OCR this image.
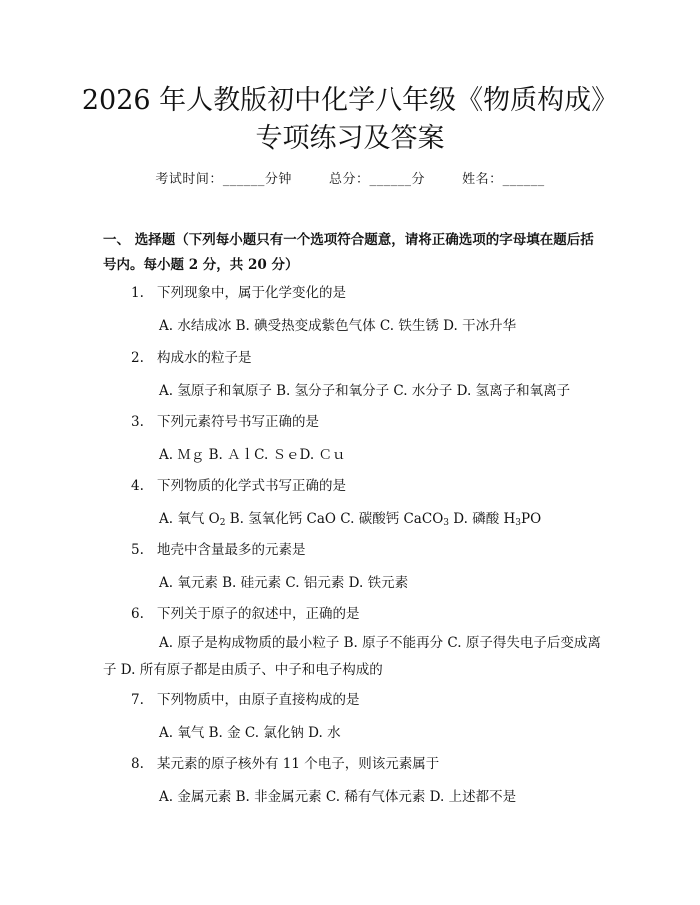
2026 年人教版初中化学八年级《物质构成》
专项练习及答案
考试时间：______分钟	总分：______分	姓名：______
一、 选择题（下列每小题只有一个选项符合题意，请将正确选项的字母填在题后括号内。每小题 2 分，共 20 分）
1. 下列现象中，属于化学变化的是
A. 水结成冰 B. 碘受热变成紫色气体 C. 铁生锈 D. 干冰升华
2. 构成水的粒子是
A. 氢原子和氧原子 B. 氢分子和氧分子 C. 水分子 D. 氢离子和氧离子
3. 下列元素符号书写正确的是
A. Ｍｇ B. ＡｌC. ＳｅD. Ｃｕ
4. 下列物质的化学式书写正确的是
A. 氧气 $O_2$ B. 氢氧化钙 CaO C. 碳酸钙 CaCO$_3$ D. 磷酸 $H_3PO$
5. 地壳中含量最多的元素是
A. 氧元素 B. 硅元素 C. 铝元素 D. 铁元素
6. 下列关于原子的叙述中，正确的是
A. 原子是构成物质的最小粒子 B. 原子不能再分 C. 原子得失电子后变成离子 D. 所有原子都是由质子、中子和电子构成的
7. 下列物质中，由原子直接构成的是
A. 氧气 B. 金 C. 氯化钠 D. 水
8. 某元素的原子核外有 11 个电子，则该元素属于
A. 金属元素 B. 非金属元素 C. 稀有气体元素 D. 上述都不是
